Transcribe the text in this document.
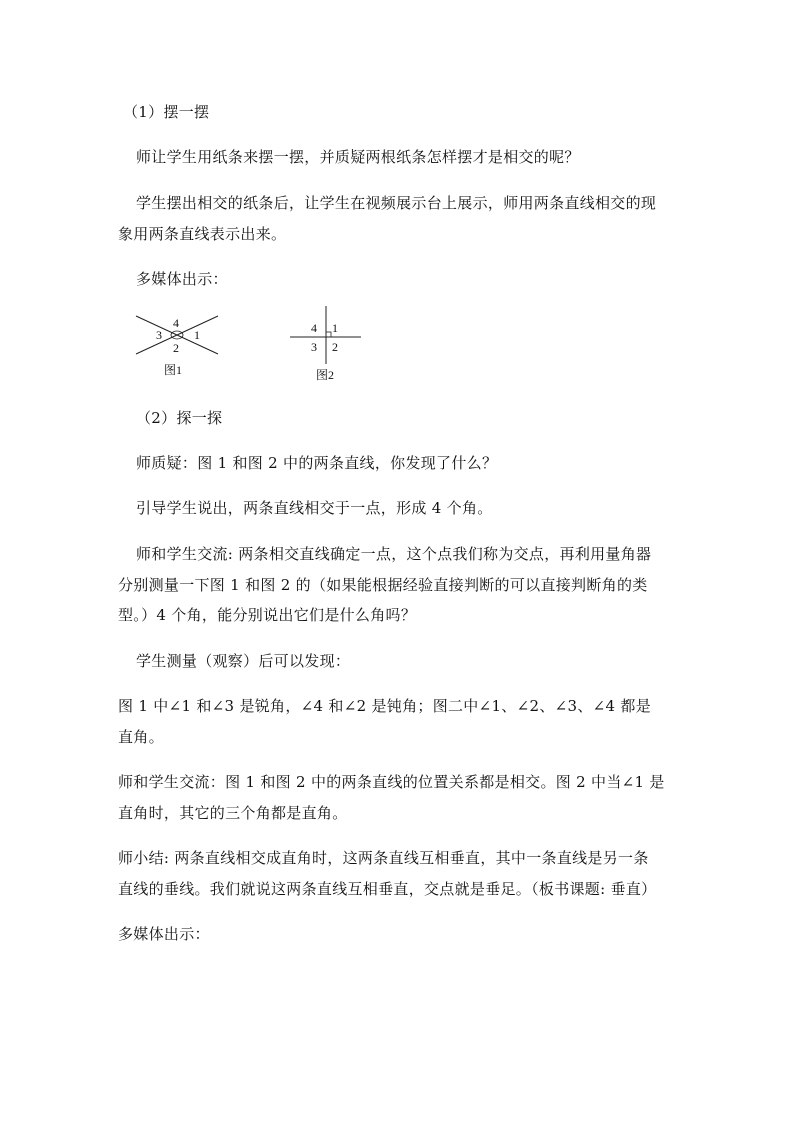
（1）摆一摆
师让学生用纸条来摆一摆，并质疑两根纸条怎样摆才是相交的呢？
学生摆出相交的纸条后，让学生在视频展示台上展示，师用两条直线相交的现
象用两条直线表示出来。
多媒体出示：
4
3	1
2
图1
4 1
3 2
图2
（2）探一探
师质疑：图 1 和图 2 中的两条直线，你发现了什么？
引导学生说出，两条直线相交于一点，形成 4 个角。
师和学生交流: 两条相交直线确定一点，这个点我们称为交点，再利用量角器
分别测量一下图 1 和图 2 的（如果能根据经验直接判断的可以直接判断角的类
型。）4 个角，能分别说出它们是什么角吗？
学生测量（观察）后可以发现：
图 1 中∠1 和∠3 是锐角，∠4 和∠2 是钝角；图二中∠1、∠2、∠3、∠4 都是
直角。
师和学生交流：图 1 和图 2 中的两条直线的位置关系都是相交。图 2 中当∠1 是
直角时，其它的三个角都是直角。
师小结: 两条直线相交成直角时，这两条直线互相垂直，其中一条直线是另一条
直线的垂线。我们就说这两条直线互相垂直，交点就是垂足。（板书课题: 垂直）
多媒体出示：
